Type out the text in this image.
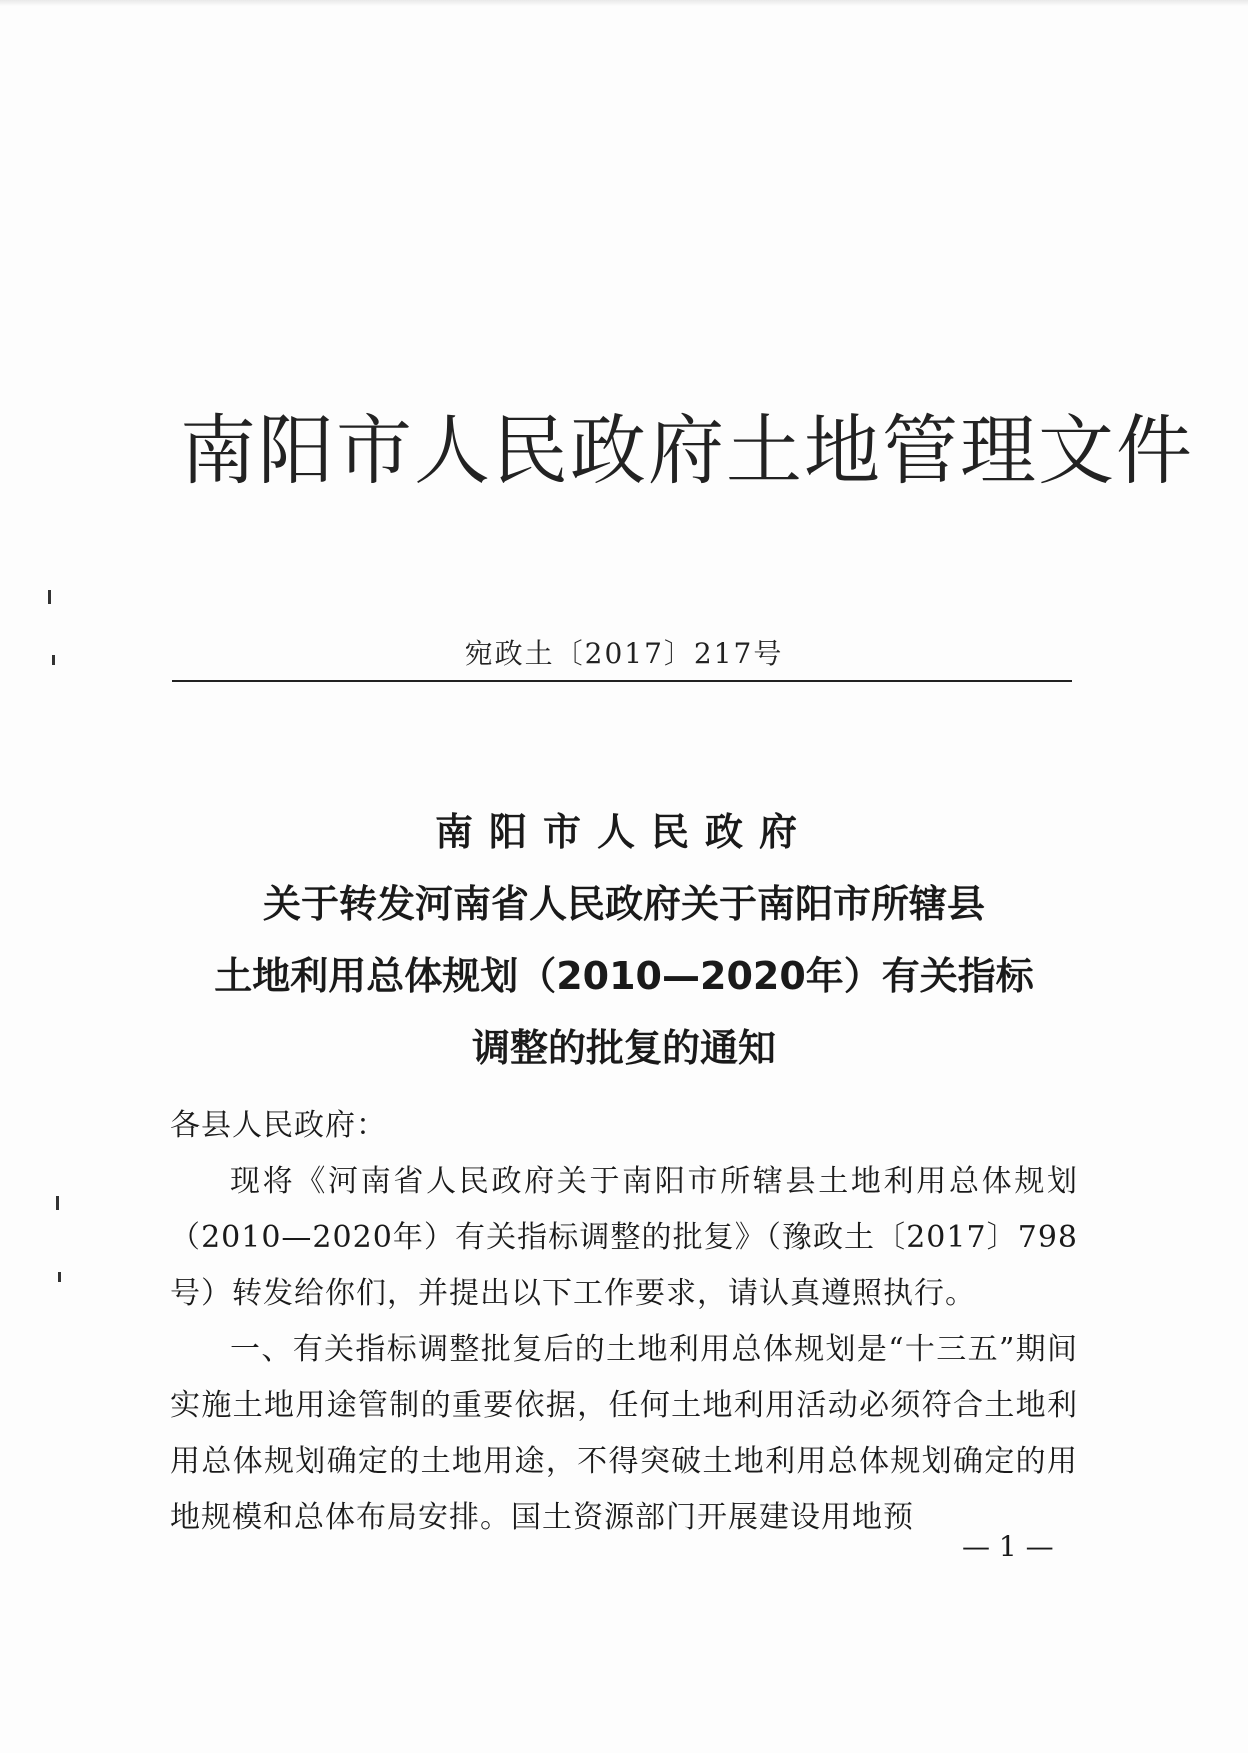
南阳市人民政府土地管理文件
宛政土〔2017〕217号
南阳市人民政府
关于转发河南省人民政府关于南阳市所辖县
土地利用总体规划（2010—2020年）有关指标
调整的批复的通知

各县人民政府：

现将《河南省人民政府关于南阳市所辖县土地利用总体规划（2010—2020年）有关指标调整的批复》（豫政土〔2017〕798号）转发给你们，并提出以下工作要求，请认真遵照执行。

一、有关指标调整批复后的土地利用总体规划是“十三五”期间实施土地用途管制的重要依据，任何土地利用活动必须符合土地利用总体规划确定的土地用途，不得突破土地利用总体规划确定的用地规模和总体布局安排。国土资源部门开展建设用地预

— 1 —
